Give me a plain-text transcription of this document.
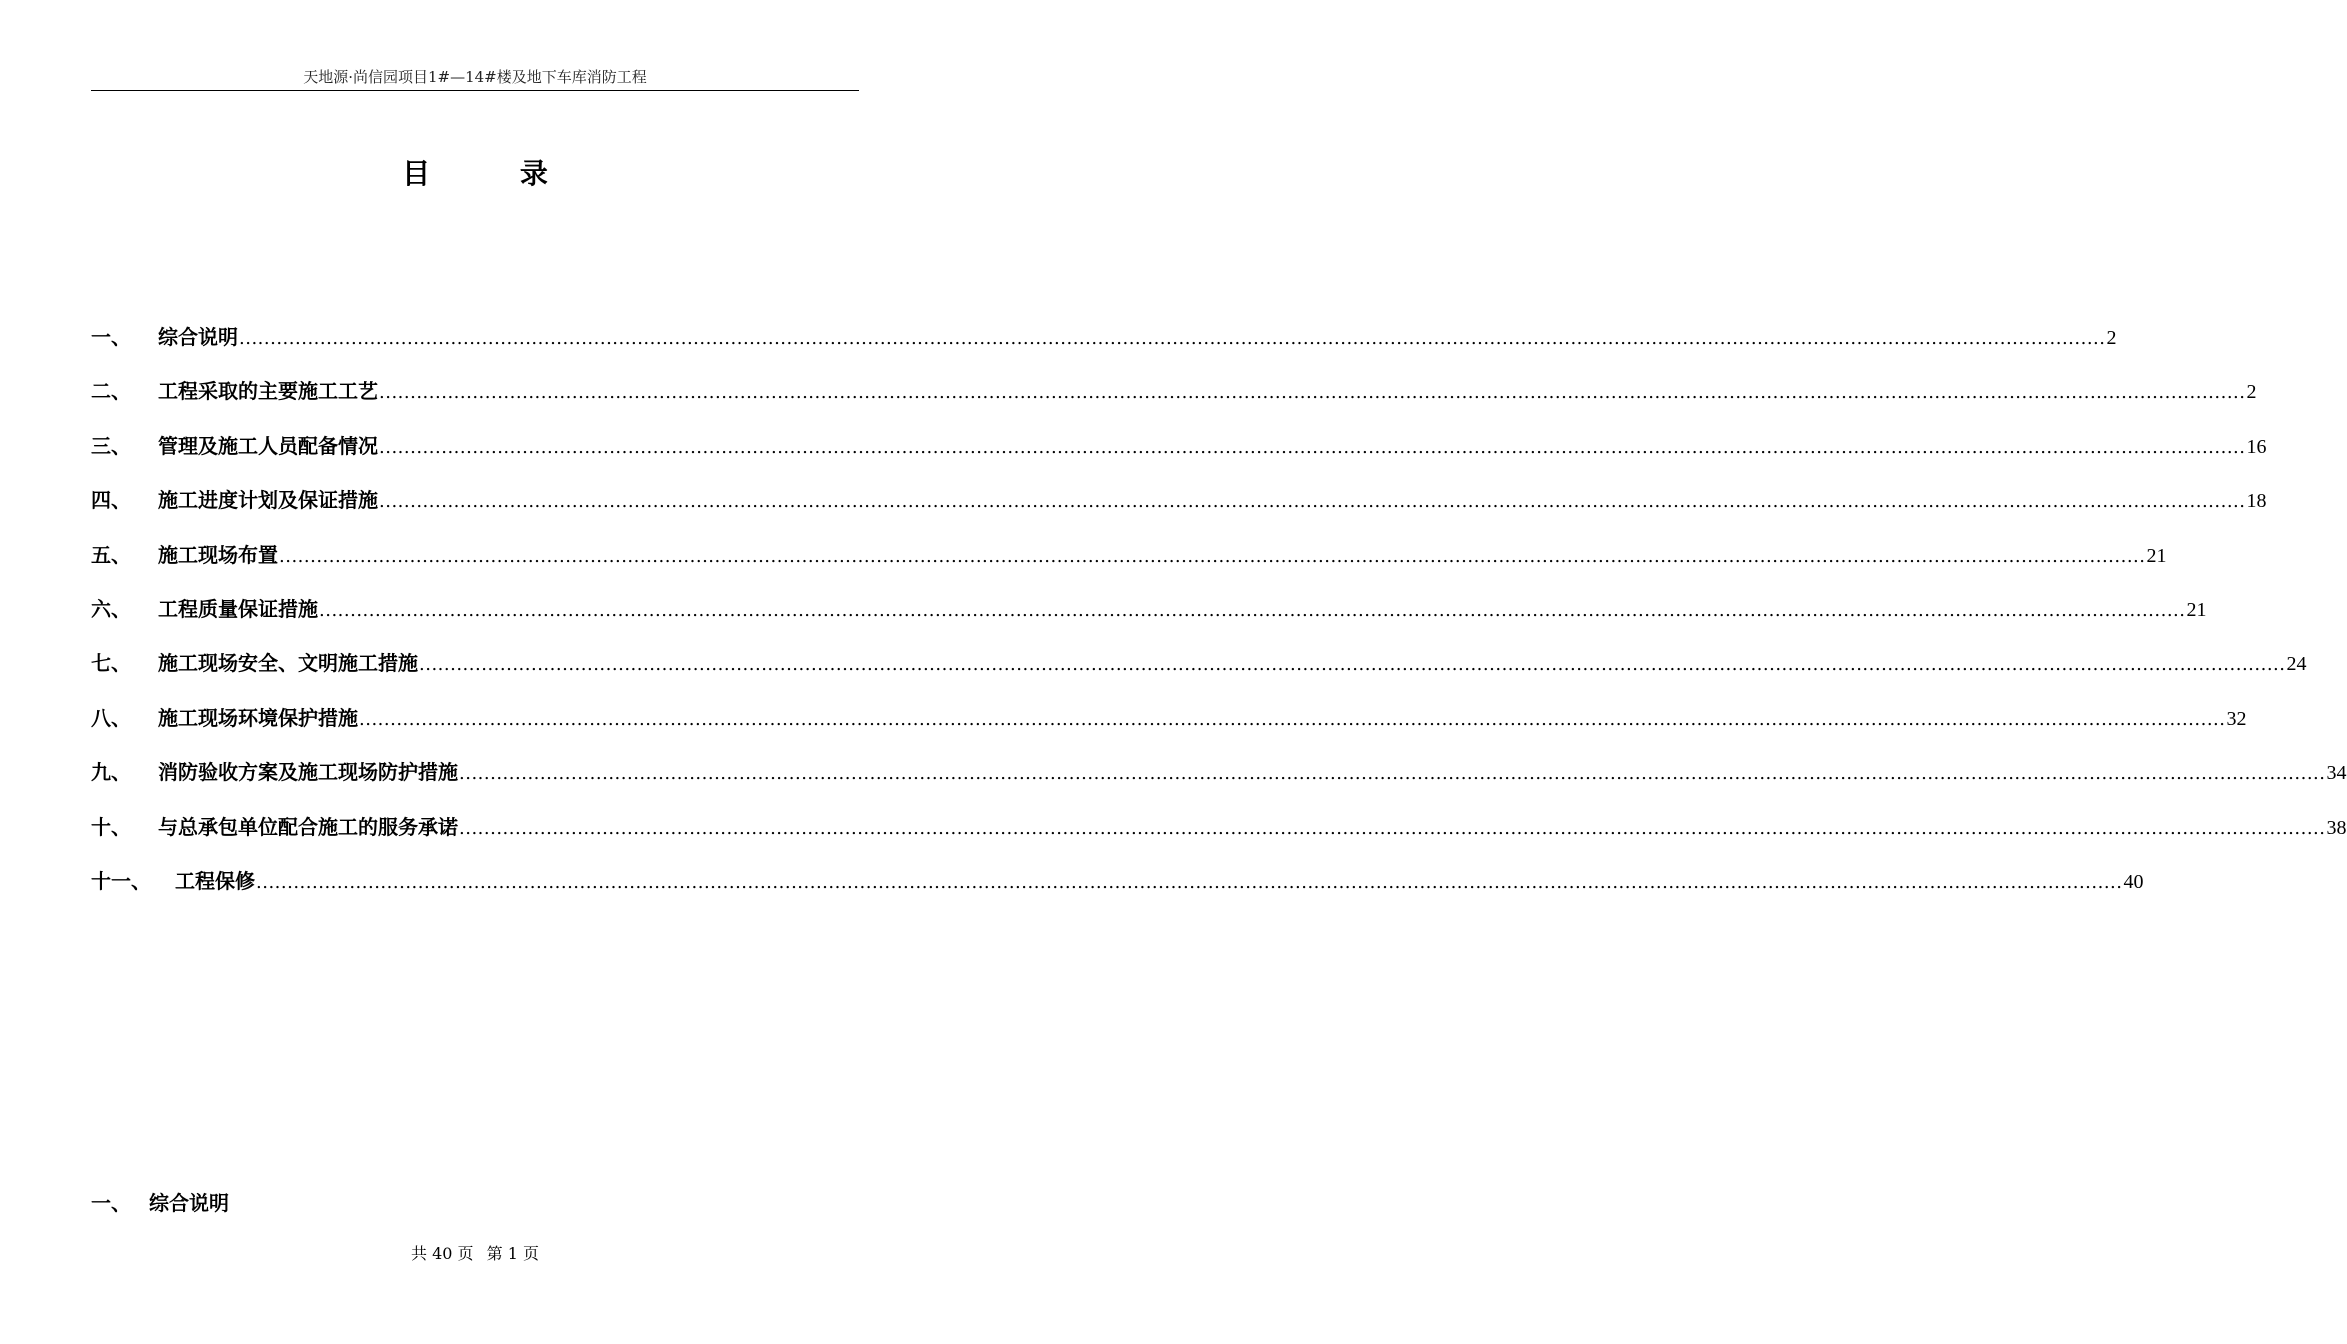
天地源·尚信园项目1#—14#楼及地下车库消防工程
目 录
一、	综合说明 ............................................................................................................................................................................................................................................................................................................ 2
二、	工程采取的主要施工工艺 ............................................................................................................................................................................................................................................................................................................ 2
三、	管理及施工人员配备情况 ............................................................................................................................................................................................................................................................................................................ 16
四、	施工进度计划及保证措施 ............................................................................................................................................................................................................................................................................................................ 18
五、	施工现场布置 ............................................................................................................................................................................................................................................................................................................ 21
六、	工程质量保证措施 ............................................................................................................................................................................................................................................................................................................ 21
七、	施工现场安全、文明施工措施 ............................................................................................................................................................................................................................................................................................................ 24
八、	施工现场环境保护措施 ............................................................................................................................................................................................................................................................................................................ 32
九、	消防验收方案及施工现场防护措施 ............................................................................................................................................................................................................................................................................................................ 34
十、	与总承包单位配合施工的服务承诺 ............................................................................................................................................................................................................................................................................................................ 38
十一、	工程保修 ............................................................................................................................................................................................................................................................................................................ 40
一、 综合说明
共 40 页 第 1 页
